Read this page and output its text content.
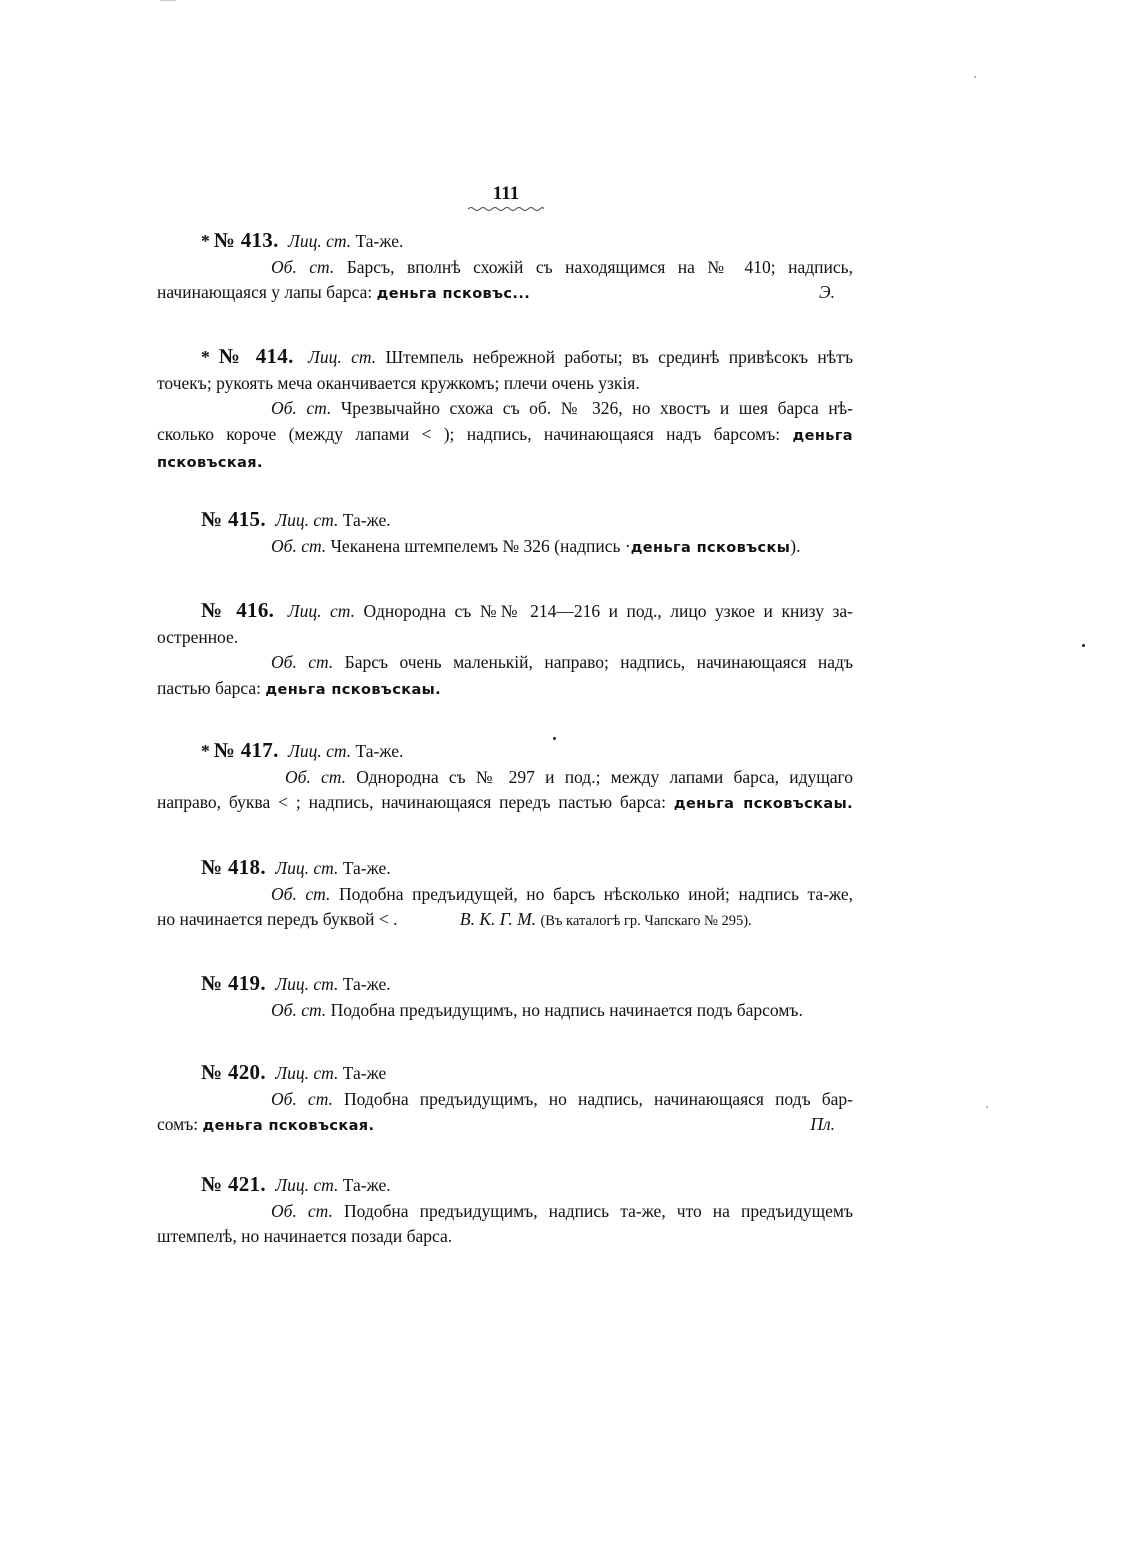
111
* № 413. Лиц. ст. Та-же.
Об. ст. Барсъ, вполнѣ схожій съ находящимся на № 410; надпись,
начинающаяся у лапы барса: деньга псковъс...	Э.
* № 414. Лиц. ст. Штемпель небрежной работы; въ срединѣ привѣсокъ нѣтъ
точекъ; рукоять меча оканчивается кружкомъ; плечи очень узкія.
Об. ст. Чрезвычайно схожа съ об. № 326, но хвостъ и шея барса нѣ-
сколько короче (между лапами < ); надпись, начинающаяся надъ барсомъ: деньга
псковъская.
№ 415. Лиц. ст. Та-же.
Об. ст. Чеканена штемпелемъ № 326 (надпись ·деньга псковъскы).
№ 416. Лиц. ст. Однородна съ №№ 214—216 и под., лицо узкое и книзу за-
остренное.
Об. ст. Барсъ очень маленькій, направо; надпись, начинающаяся надъ
пастью барса: деньга псковъскаы.
* № 417. Лиц. ст. Та-же.
Об. ст. Однородна съ № 297 и под.; между лапами барса, идущаго
направо, буква < ; надпись, начинающаяся передъ пастью барса: деньга псковъскаы.
№ 418. Лиц. ст. Та-же.
Об. ст. Подобна предъидущей, но барсъ нѣсколько иной; надпись та-же,
но начинается передъ буквой < .	В. К. Г. М. (Въ каталогѣ гр. Чапскаго № 295).
№ 419. Лиц. ст. Та-же.
Об. ст. Подобна предъидущимъ, но надпись начинается подъ барсомъ.
№ 420. Лиц. ст. Та-же
Об. ст. Подобна предъидущимъ, но надпись, начинающаяся подъ бар-
сомъ: деньга псковъская.	Пл.
№ 421. Лиц. ст. Та-же.
Об. ст. Подобна предъидущимъ, надпись та-же, что на предъидущемъ
штемпелѣ, но начинается позади барса.
